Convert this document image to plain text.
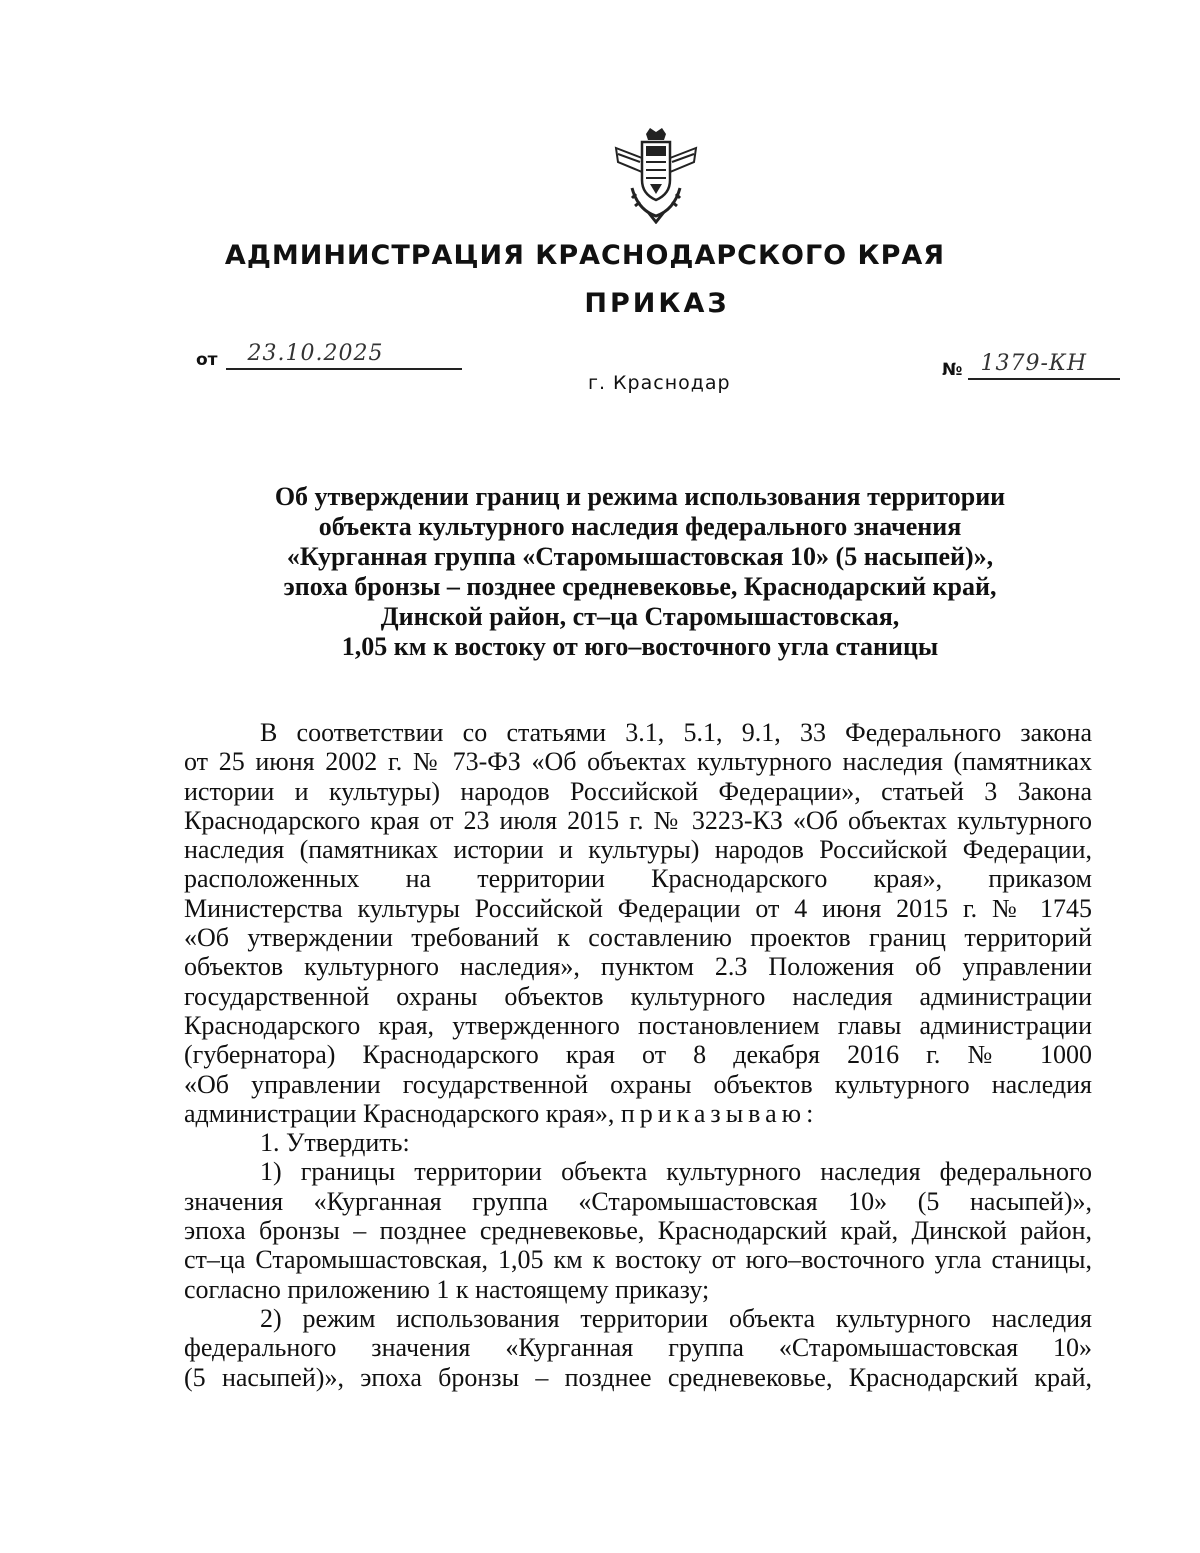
АДМИНИСТРАЦИЯ КРАСНОДАРСКОГО КРАЯ
ПРИКАЗ
от 23.10.2025
№ 1379-КН
г. Краснодар
Об утверждении границ и режима использования территории
объекта культурного наследия федерального значения
«Курганная группа «Старомышастовская 10» (5 насыпей)»,
эпоха бронзы – позднее средневековье, Краснодарский край,
Динской район, ст–ца Старомышастовская,
1,05 км к востоку от юго–восточного угла станицы
В соответствии со статьями 3.1, 5.1, 9.1, 33 Федерального закона
от 25 июня 2002 г. № 73-ФЗ «Об объектах культурного наследия (памятниках
истории и культуры) народов Российской Федерации», статьей 3 Закона
Краснодарского края от 23 июля 2015 г. № 3223-КЗ «Об объектах культурного
наследия (памятниках истории и культуры) народов Российской Федерации,
расположенных на территории Краснодарского края», приказом
Министерства культуры Российской Федерации от 4 июня 2015 г. № 1745
«Об утверждении требований к составлению проектов границ территорий
объектов культурного наследия», пунктом 2.3 Положения об управлении
государственной охраны объектов культурного наследия администрации
Краснодарского края, утвержденного постановлением главы администрации
(губернатора) Краснодарского края от 8 декабря 2016 г. № 1000
«Об управлении государственной охраны объектов культурного наследия
администрации Краснодарского края», приказываю:
1. Утвердить:
1) границы территории объекта культурного наследия федерального
значения «Курганная группа «Старомышастовская 10» (5 насыпей)»,
эпоха бронзы – позднее средневековье, Краснодарский край, Динской район,
ст–ца Старомышастовская, 1,05 км к востоку от юго–восточного угла станицы,
согласно приложению 1 к настоящему приказу;
2) режим использования территории объекта культурного наследия
федерального значения «Курганная группа «Старомышастовская 10»
(5 насыпей)», эпоха бронзы – позднее средневековье, Краснодарский край,
